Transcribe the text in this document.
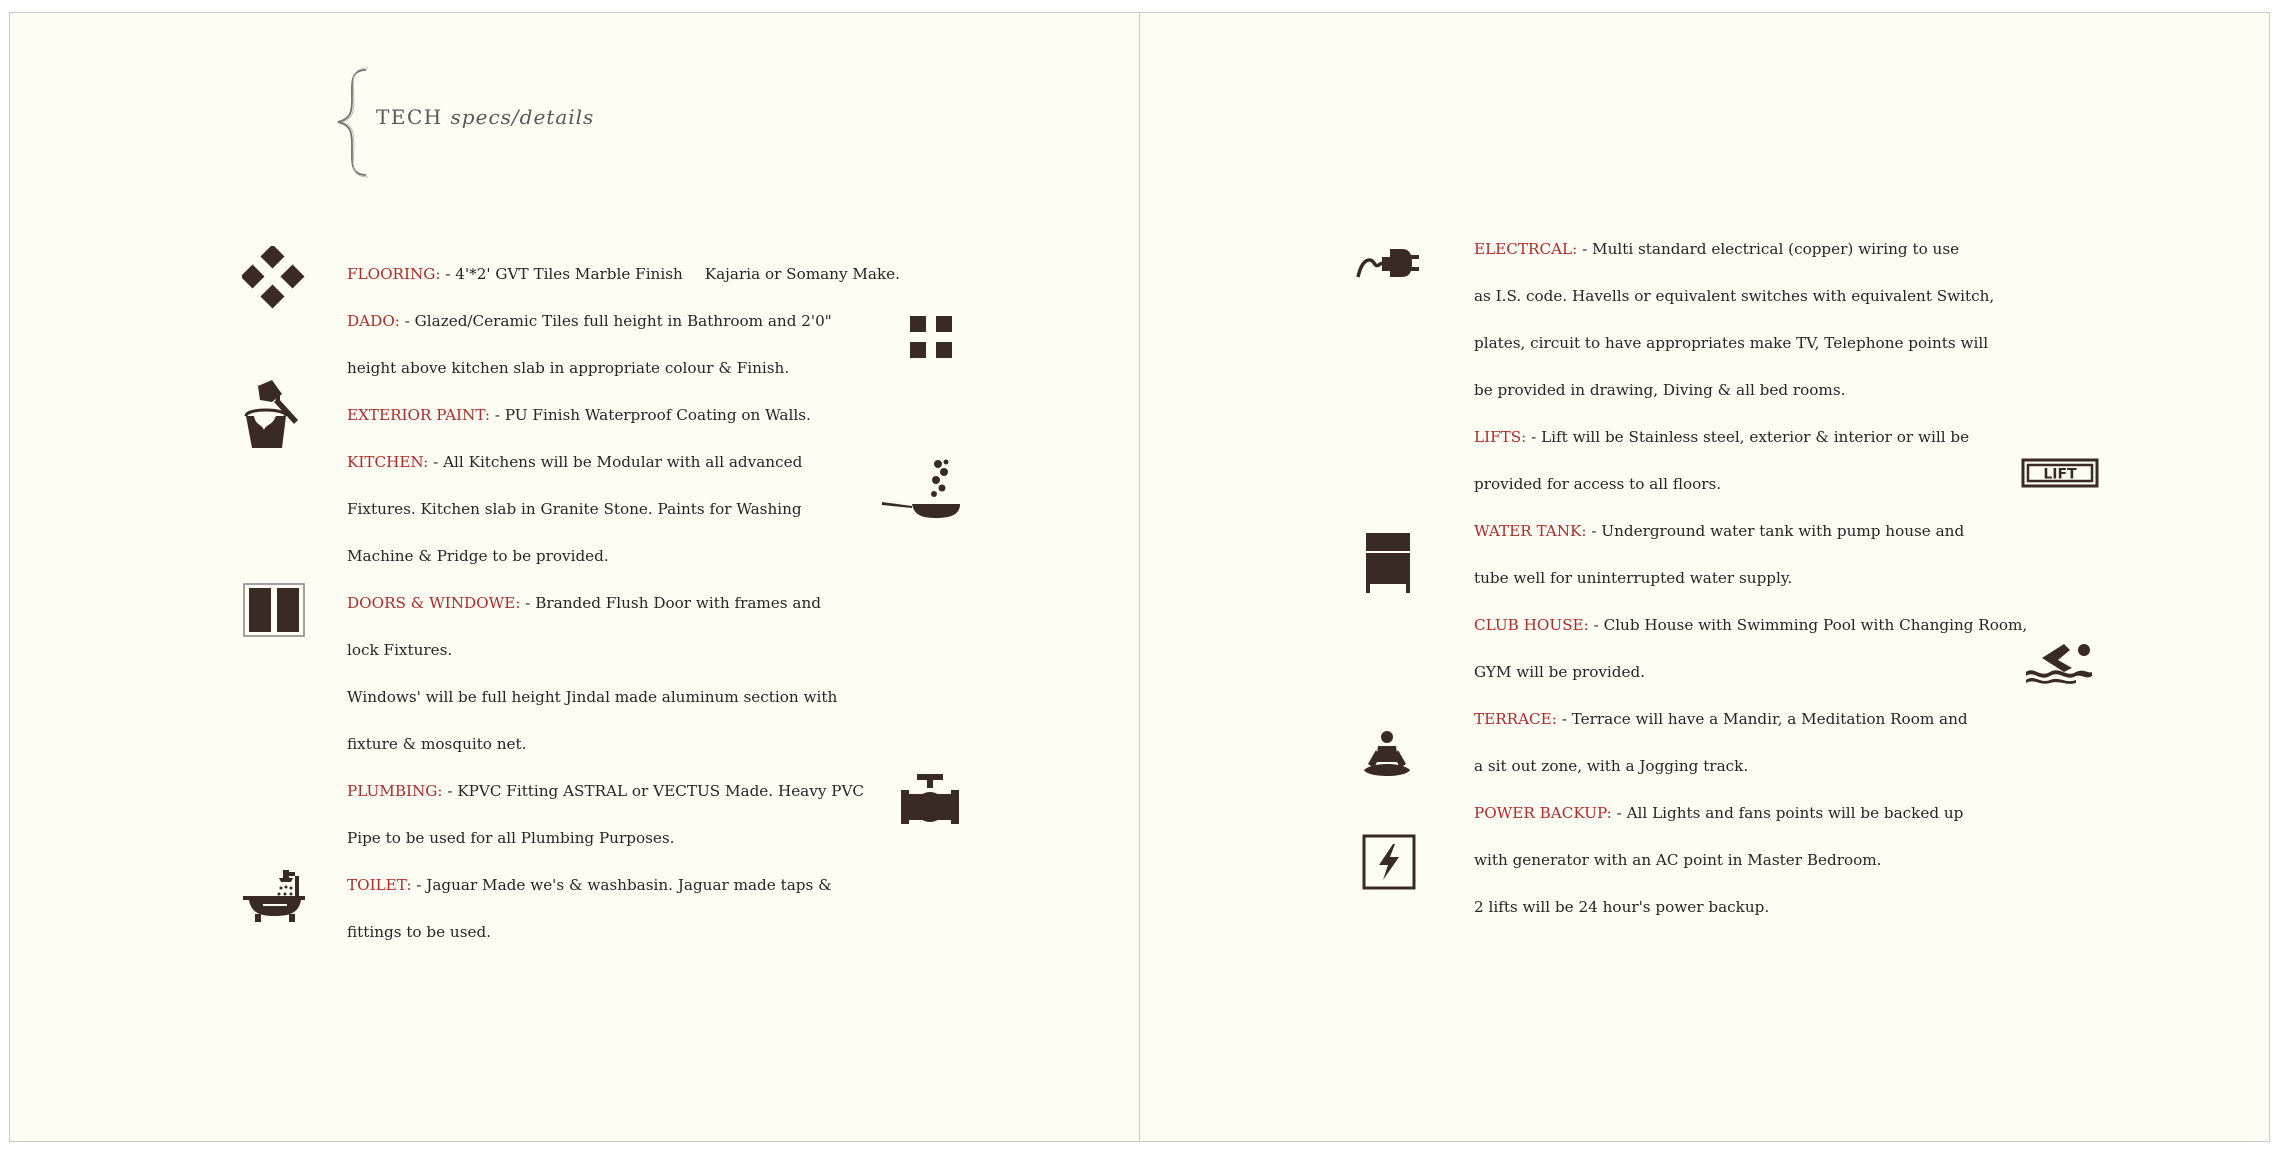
TECH specs/details
FLOORING: - 4'*2' GVT Tiles Marble Finish Kajaria or Somany Make.
DADO: - Glazed/Ceramic Tiles full height in Bathroom and 2'0"
height above kitchen slab in appropriate colour & Finish.
EXTERIOR PAINT: - PU Finish Waterproof Coating on Walls.
KITCHEN: - All Kitchens will be Modular with all advanced
Fixtures. Kitchen slab in Granite Stone. Paints for Washing
Machine & Pridge to be provided.
DOORS & WINDOWE: - Branded Flush Door with frames and
lock Fixtures.
Windows' will be full height Jindal made aluminum section with
fixture & mosquito net.
PLUMBING: - KPVC Fitting ASTRAL or VECTUS Made. Heavy PVC
Pipe to be used for all Plumbing Purposes.
TOILET: - Jaguar Made we's & washbasin. Jaguar made taps &
fittings to be used.
ELECTRCAL: - Multi standard electrical (copper) wiring to use
as I.S. code. Havells or equivalent switches with equivalent Switch,
plates, circuit to have appropriates make TV, Telephone points will
be provided in drawing, Diving & all bed rooms.
LIFTS: - Lift will be Stainless steel, exterior & interior or will be
provided for access to all floors.
WATER TANK: - Underground water tank with pump house and
tube well for uninterrupted water supply.
CLUB HOUSE: - Club House with Swimming Pool with Changing Room,
GYM will be provided.
TERRACE: - Terrace will have a Mandir, a Meditation Room and
a sit out zone, with a Jogging track.
POWER BACKUP: - All Lights and fans points will be backed up
with generator with an AC point in Master Bedroom.
2 lifts will be 24 hour's power backup.
LIFT
